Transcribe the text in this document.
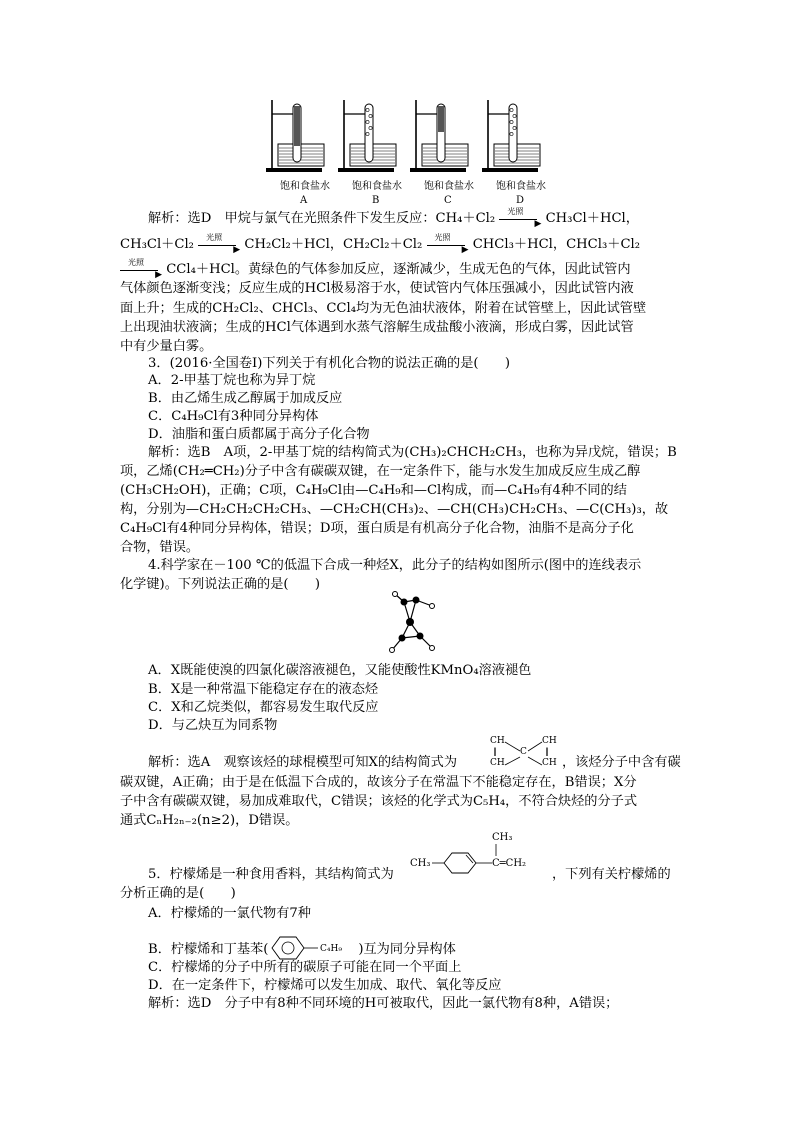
饱和食盐水 饱和食盐水 饱和食盐水 饱和食盐水
A	B	C	D
解析：选D　甲烷与氯气在光照条件下发生反应：CH₄＋Cl₂ 光照
▶ CH₃Cl＋HCl，
CH₃Cl＋Cl₂ 光照
▶ CH₂Cl₂＋HCl，CH₂Cl₂＋Cl₂ 光照
▶ CHCl₃＋HCl，CHCl₃＋Cl₂
光照
▶ CCl₄＋HCl。黄绿色的气体参加反应，逐渐减少，生成无色的气体，因此试管内
气体颜色逐渐变浅；反应生成的HCl极易溶于水，使试管内气体压强减小，因此试管内液
面上升；生成的CH₂Cl₂、CHCl₃、CCl₄均为无色油状液体，附着在试管壁上，因此试管壁
上出现油状液滴；生成的HCl气体遇到水蒸气溶解生成盐酸小液滴，形成白雾，因此试管
中有少量白雾。
3．(2016·全国卷Ⅰ)下列关于有机化合物的说法正确的是(　　)
A．2-甲基丁烷也称为异丁烷
B．由乙烯生成乙醇属于加成反应
C．C₄H₉Cl有3种同分异构体
D．油脂和蛋白质都属于高分子化合物
解析：选B　A项，2-甲基丁烷的结构简式为(CH₃)₂CHCH₂CH₃，也称为异戊烷，错误；B
项，乙烯(CH₂═CH₂)分子中含有碳碳双键，在一定条件下，能与水发生加成反应生成乙醇
(CH₃CH₂OH)，正确；C项，C₄H₉Cl由—C₄H₉和—Cl构成，而—C₄H₉有4种不同的结
构，分别为—CH₂CH₂CH₂CH₃、—CH₂CH(CH₃)₂、—CH(CH₃)CH₂CH₃、—C(CH₃)₃，故
C₄H₉Cl有4种同分异构体，错误；D项，蛋白质是有机高分子化合物，油脂不是高分子化
合物，错误。
4.科学家在－100 ℃的低温下合成一种烃X，此分子的结构如图所示(图中的连线表示
化学键)。下列说法正确的是(　　)
A．X既能使溴的四氯化碳溶液褪色，又能使酸性KMnO₄溶液褪色
B．X是一种常温下能稳定存在的液态烃
C．X和乙烷类似，都容易发生取代反应
D．与乙炔互为同系物
解析：选A　观察该烃的球棍模型可知X的结构简式为
CH
CH
C
CH
CH
‖	‖
，该烃分子中含有碳
碳双键，A正确；由于是在低温下合成的，故该分子在常温下不能稳定存在，B错误；X分
子中含有碳碳双键，易加成难取代，C错误；该烃的化学式为C₅H₄，不符合炔烃的分子式
通式CₙH₂ₙ₋₂(n≥2)，D错误。
5．柠檬烯是一种食用香料，其结构简式为
CH₃
CH₃
C═CH₂
，下列有关柠檬烯的
分析正确的是(　　)
A．柠檬烯的一氯代物有7种
B．柠檬烯和丁基苯(	C₄H₉ )互为同分异构体
C．柠檬烯的分子中所有的碳原子可能在同一个平面上
D．在一定条件下，柠檬烯可以发生加成、取代、氧化等反应
解析：选D　分子中有8种不同环境的H可被取代，因此一氯代物有8种，A错误；
